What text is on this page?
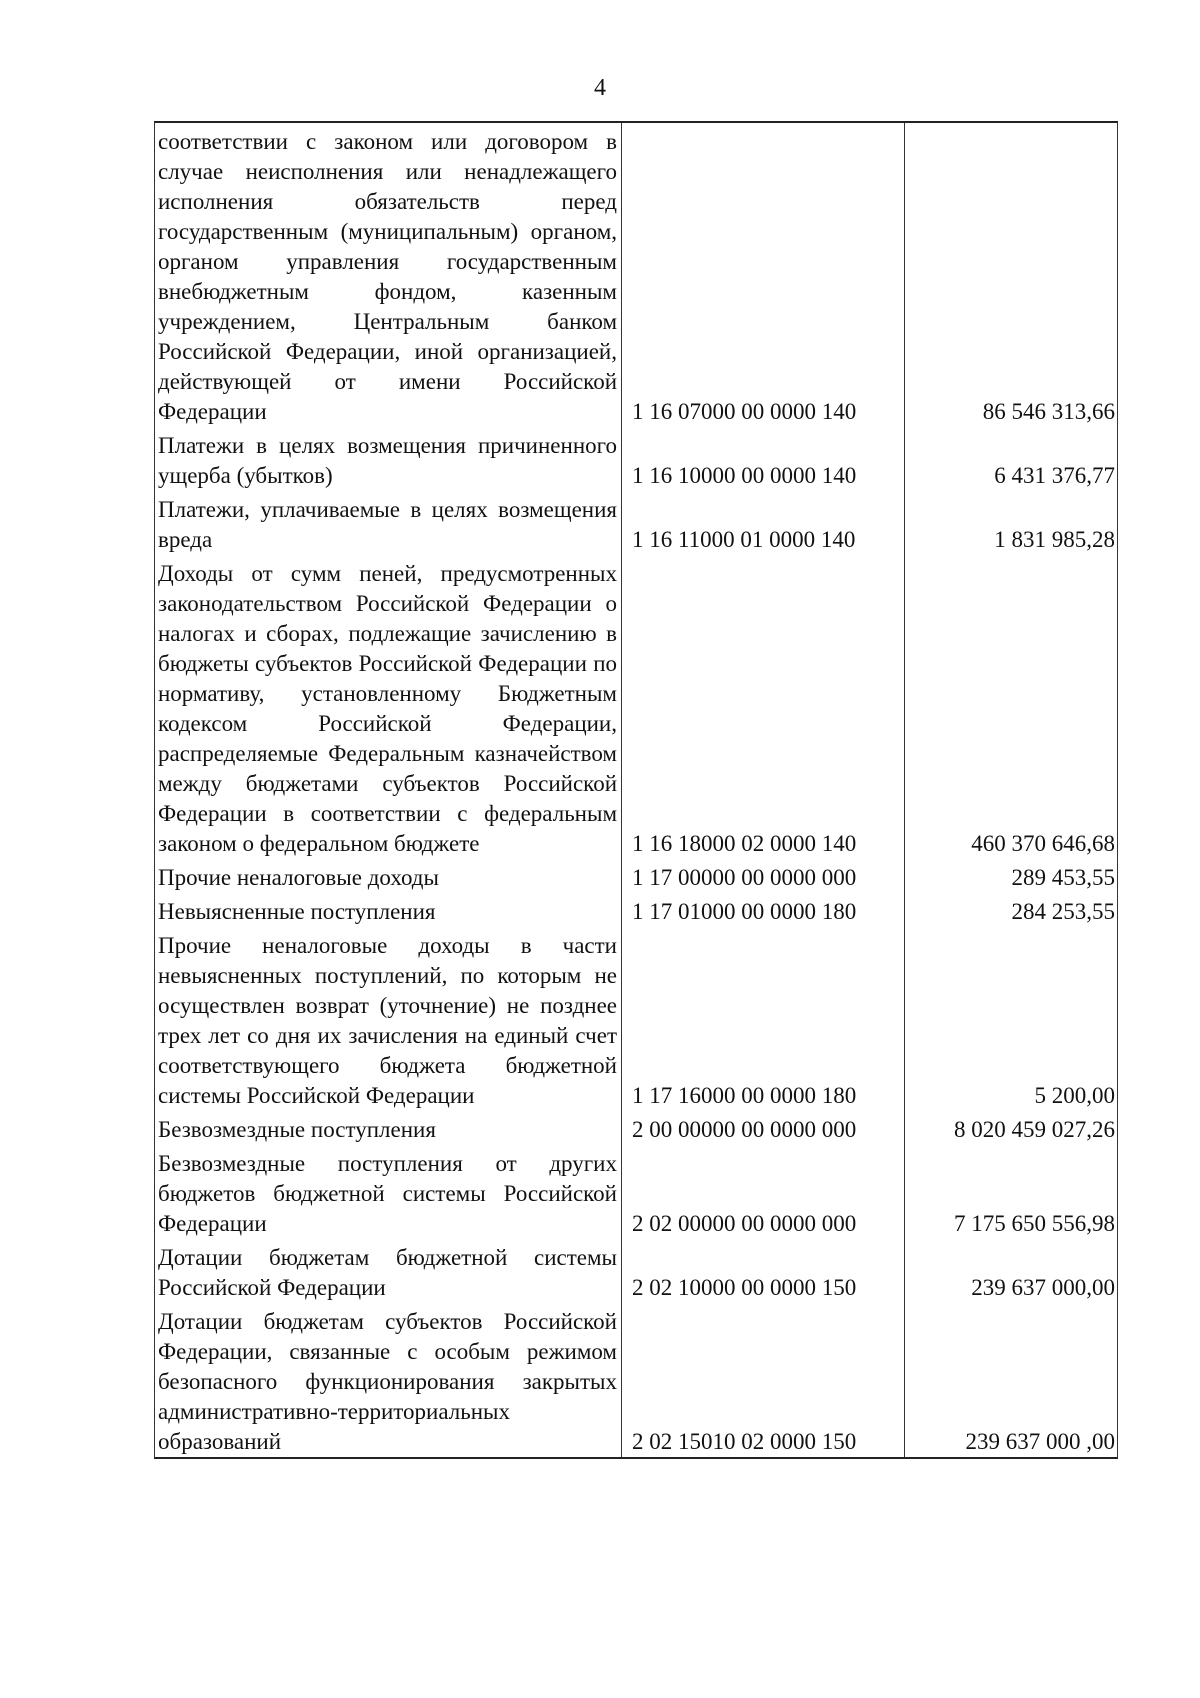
4
соответствии с законом или договором в случае неисполнения или ненадлежащего исполнения обязательств перед государственным (муниципальным) органом, органом управления государственным внебюджетным фондом, казенным учреждением, Центральным банком Российской Федерации, иной организацией, действующей от имени Российской Федерации	1 16 07000 00 0000 140	86 546 313,66
Платежи в целях возмещения причиненного ущерба (убытков)	1 16 10000 00 0000 140	6 431 376,77
Платежи, уплачиваемые в целях возмещения вреда	1 16 11000 01 0000 140	1 831 985,28
Доходы от сумм пеней, предусмотренных законодательством Российской Федерации о налогах и сборах, подлежащие зачислению в бюджеты субъектов Российской Федерации по нормативу, установленному Бюджетным кодексом Российской Федерации, распределяемые Федеральным казначейством между бюджетами субъектов Российской Федерации в соответствии с федеральным законом о федеральном бюджете	1 16 18000 02 0000 140	460 370 646,68
Прочие неналоговые доходы	1 17 00000 00 0000 000	289 453,55
Невыясненные поступления	1 17 01000 00 0000 180	284 253,55
Прочие неналоговые доходы в части невыясненных поступлений, по которым не осуществлен возврат (уточнение) не позднее трех лет со дня их зачисления на единый счет соответствующего бюджета бюджетной системы Российской Федерации	1 17 16000 00 0000 180	5 200,00
Безвозмездные поступления	2 00 00000 00 0000 000	8 020 459 027,26
Безвозмездные поступления от других бюджетов бюджетной системы Российской Федерации	2 02 00000 00 0000 000	7 175 650 556,98
Дотации бюджетам бюджетной системы Российской Федерации	2 02 10000 00 0000 150	239 637 000,00
Дотации бюджетам субъектов Российской Федерации, связанные с особым режимом безопасного функционирования закрытых административно-территориальных образований	2 02 15010 02 0000 150	239 637 000 ,00
